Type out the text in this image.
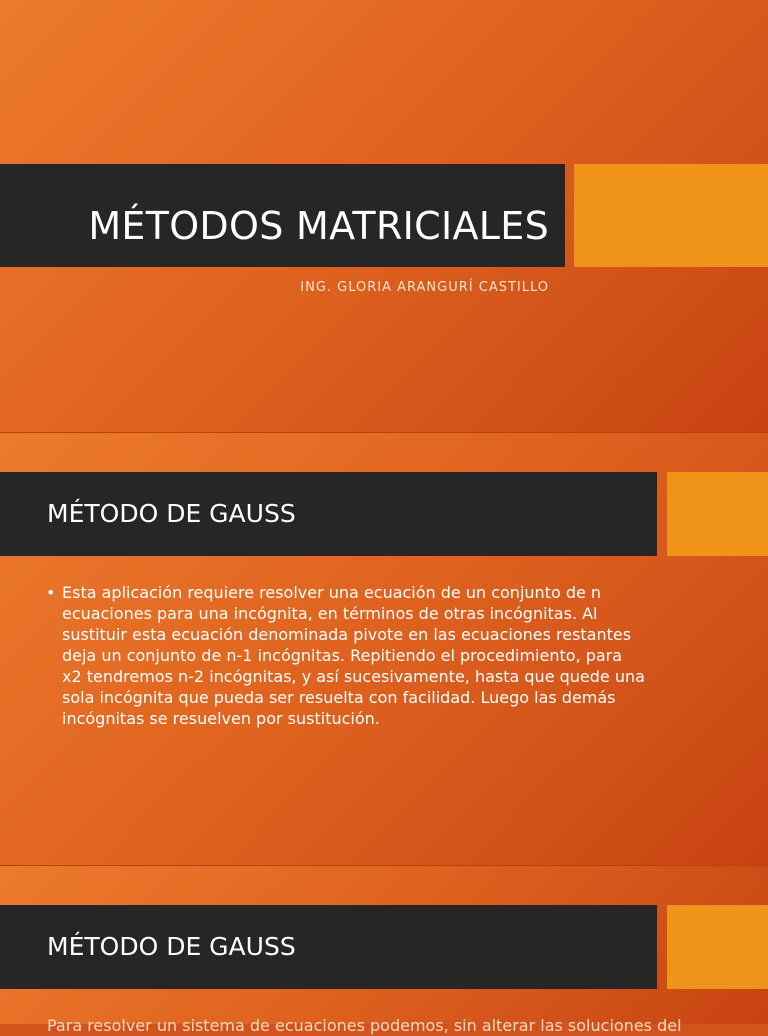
MÉTODOS MATRICIALES

ING. GLORIA ARANGURÍ CASTILLO

MÉTODO DE GAUSS
• Esta aplicación requiere resolver una ecuación de un conjunto de n ecuaciones para una incógnita, en términos de otras incógnitas. Al sustituir esta ecuación denominada pivote en las ecuaciones restantes deja un conjunto de n-1 incógnitas. Repitiendo el procedimiento, para x2 tendremos n-2 incógnitas, y así sucesivamente, hasta que quede una sola incógnita que pueda ser resuelta con facilidad. Luego las demás incógnitas se resuelven por sustitución.
MÉTODO DE GAUSS

Para resolver un sistema de ecuaciones podemos, sin alterar las soluciones del
